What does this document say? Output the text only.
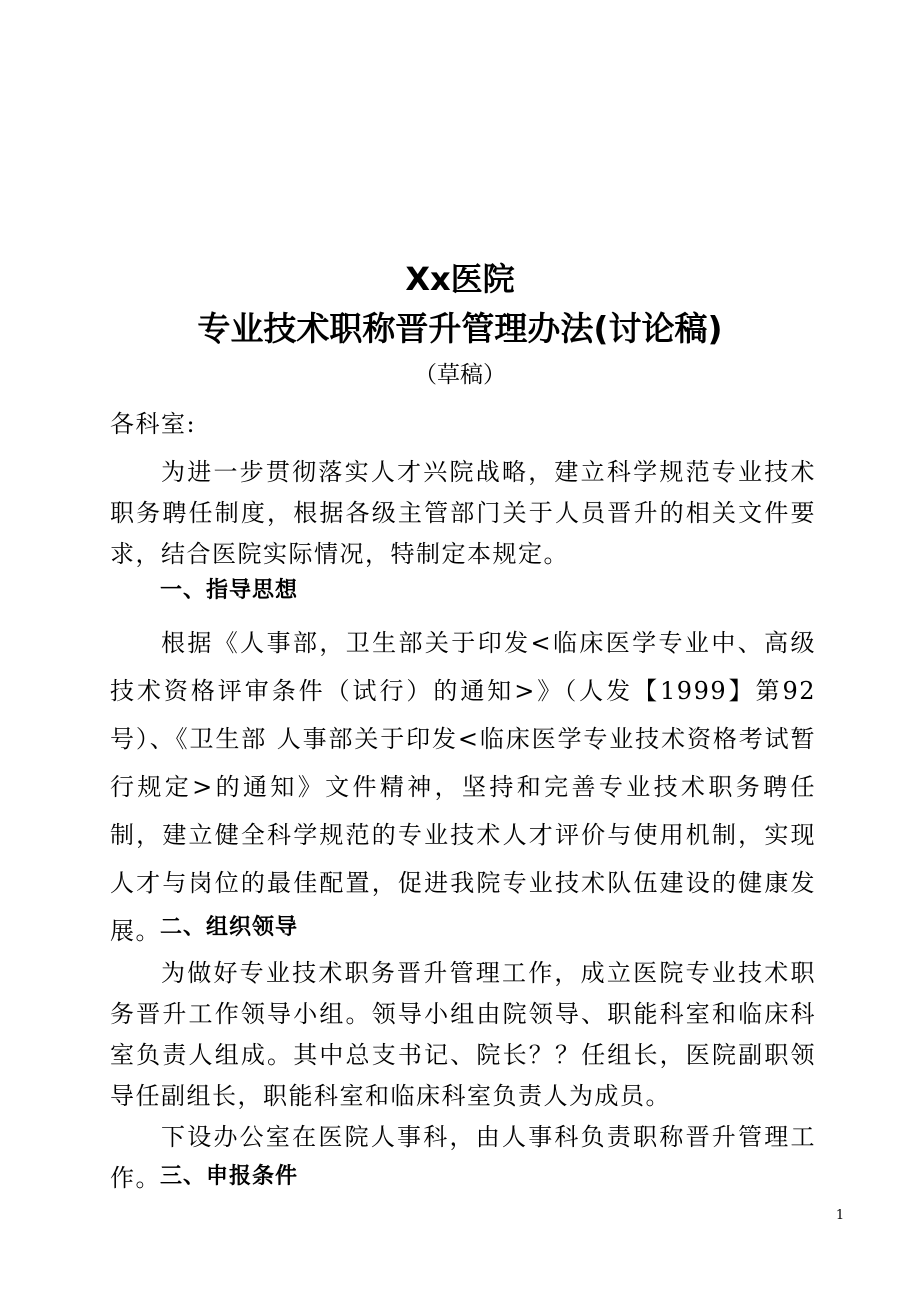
Xx医院
专业技术职称晋升管理办法(讨论稿)
（草稿）
各科室:
为进一步贯彻落实人才兴院战略，建立科学规范专业技术职务聘任制度，根据各级主管部门关于人员晋升的相关文件要求，结合医院实际情况，特制定本规定。
一、指导思想
根据《人事部，卫生部关于印发<临床医学专业中、高级技术资格评审条件（试行）的通知>》（人发【1999】第92号）、《卫生部 人事部关于印发<临床医学专业技术资格考试暂行规定>的通知》文件精神，坚持和完善专业技术职务聘任制，建立健全科学规范的专业技术人才评价与使用机制，实现人才与岗位的最佳配置，促进我院专业技术队伍建设的健康发展。 二、组织领导
为做好专业技术职务晋升管理工作，成立医院专业技术职务晋升工作领导小组。领导小组由院领导、职能科室和临床科室负责人组成。其中总支书记、院长？？任组长，医院副职领导任副组长，职能科室和临床科室负责人为成员。
下设办公室在医院人事科，由人事科负责职称晋升管理工作。 三、申报条件
1
